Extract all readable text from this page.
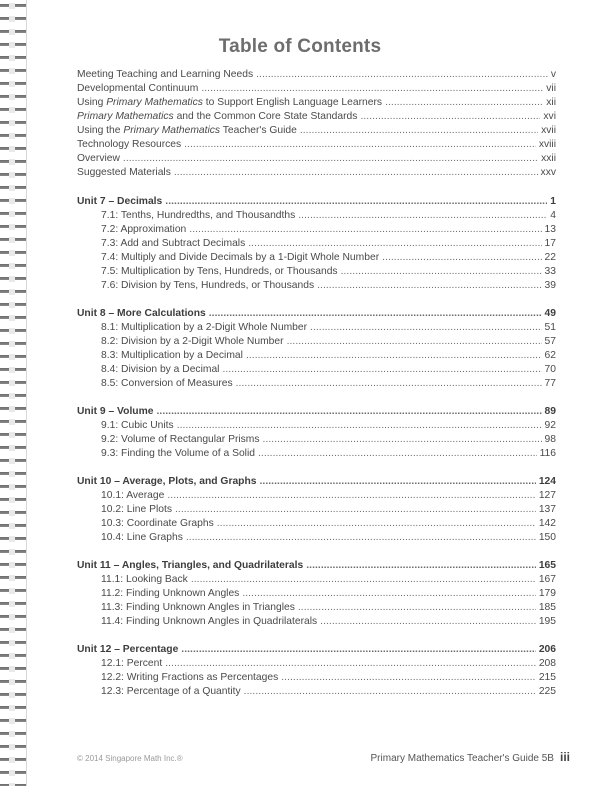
Table of Contents
Meeting Teaching and Learning Needs . . .	v
Developmental Continuum . . .	vii
Using Primary Mathematics to Support English Language Learners . . .	xii
Primary Mathematics and the Common Core State Standards . . .	xvi
Using the Primary Mathematics Teacher's Guide . . .	xvii
Technology Resources . . .	xviii
Overview . . .	xxii
Suggested Materials . . .	xxv
Unit 7 – Decimals . . .	1
7.1: Tenths, Hundredths, and Thousandths . . .	4
7.2: Approximation . . .	13
7.3: Add and Subtract Decimals . . .	17
7.4: Multiply and Divide Decimals by a 1-Digit Whole Number . . .	22
7.5: Multiplication by Tens, Hundreds, or Thousands . . .	33
7.6: Division by Tens, Hundreds, or Thousands . . .	39
Unit 8 – More Calculations . . .	49
8.1: Multiplication by a 2-Digit Whole Number . . .	51
8.2: Division by a 2-Digit Whole Number . . .	57
8.3: Multiplication by a Decimal . . .	62
8.4: Division by a Decimal . . .	70
8.5: Conversion of Measures . . .	77
Unit 9 – Volume . . .	89
9.1: Cubic Units . . .	92
9.2: Volume of Rectangular Prisms . . .	98
9.3: Finding the Volume of a Solid . . .	116
Unit 10 – Average, Plots, and Graphs . . .	124
10.1: Average . . .	127
10.2: Line Plots . . .	137
10.3: Coordinate Graphs . . .	142
10.4: Line Graphs . . .	150
Unit 11 – Angles, Triangles, and Quadrilaterals . . .	165
11.1: Looking Back . . .	167
11.2: Finding Unknown Angles . . .	179
11.3: Finding Unknown Angles in Triangles . . .	185
11.4: Finding Unknown Angles in Quadrilaterals . . .	195
Unit 12 – Percentage . . .	206
12.1: Percent . . .	208
12.2: Writing Fractions as Percentages . . .	215
12.3: Percentage of a Quantity . . .	225
© 2014 Singapore Math Inc.®	Primary Mathematics Teacher's Guide 5B iii
